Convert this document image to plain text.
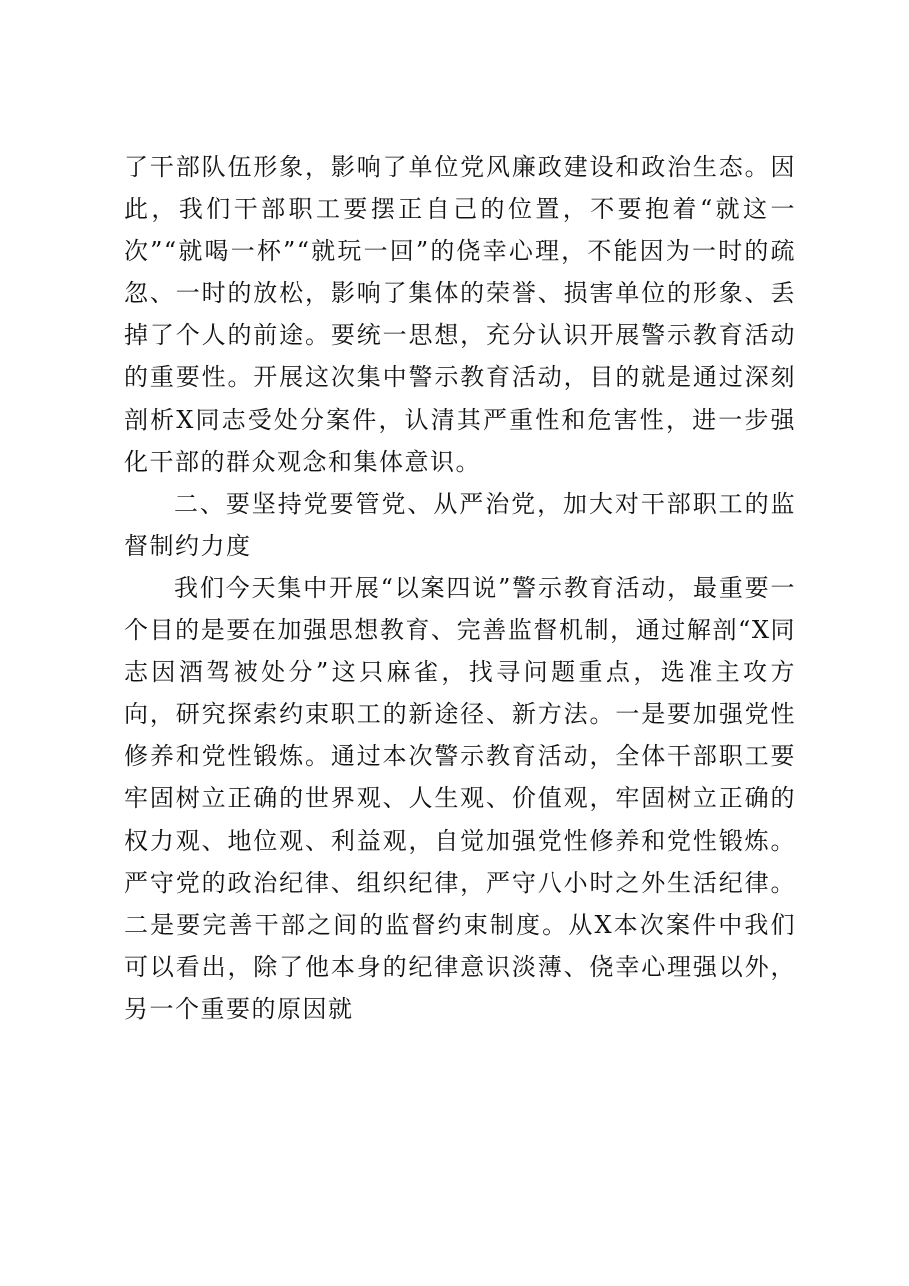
了干部队伍形象，影响了单位党风廉政建设和政治生态。因此，我们干部职工要摆正自己的位置，不要抱着“就这一次”“就喝一杯”“就玩一回”的侥幸心理，不能因为一时的疏忽、一时的放松，影响了集体的荣誉、损害单位的形象、丢掉了个人的前途。要统一思想，充分认识开展警示教育活动的重要性。开展这次集中警示教育活动，目的就是通过深刻剖析X同志受处分案件，认清其严重性和危害性，进一步强化干部的群众观念和集体意识。

二、要坚持党要管党、从严治党，加大对干部职工的监督制约力度

我们今天集中开展“以案四说”警示教育活动，最重要一个目的是要在加强思想教育、完善监督机制，通过解剖“X同志因酒驾被处分”这只麻雀，找寻问题重点，选准主攻方向，研究探索约束职工的新途径、新方法。一是要加强党性修养和党性锻炼。通过本次警示教育活动，全体干部职工要牢固树立正确的世界观、人生观、价值观，牢固树立正确的权力观、地位观、利益观，自觉加强党性修养和党性锻炼。严守党的政治纪律、组织纪律，严守八小时之外生活纪律。二是要完善干部之间的监督约束制度。从X本次案件中我们可以看出，除了他本身的纪律意识淡薄、侥幸心理强以外，另一个重要的原因就
